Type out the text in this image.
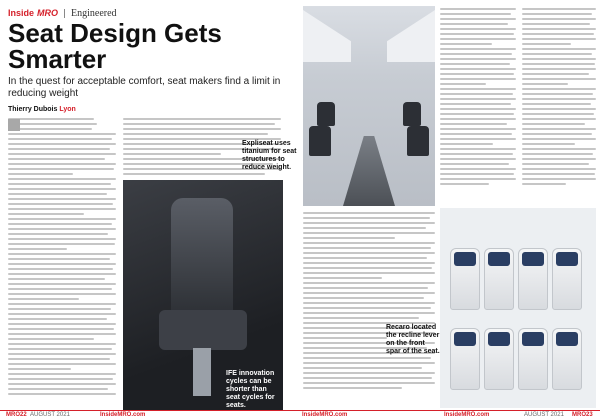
Inside MRO Engineered
Seat Design Gets Smarter
In the quest for acceptable comfort, seat makers find a limit in reducing weight
Thierry Dubois Lyon
Expliseat uses titanium for seat structures to reduce weight.
IFE innovation cycles can be shorter than seat cycles for seats.
Recaro located the recline lever on the front spar of the seat.
MRO22 AUGUST 2021	InsideMRO.com	InsideMRO.com	InsideMRO.com	AUGUST 2021 MRO23
